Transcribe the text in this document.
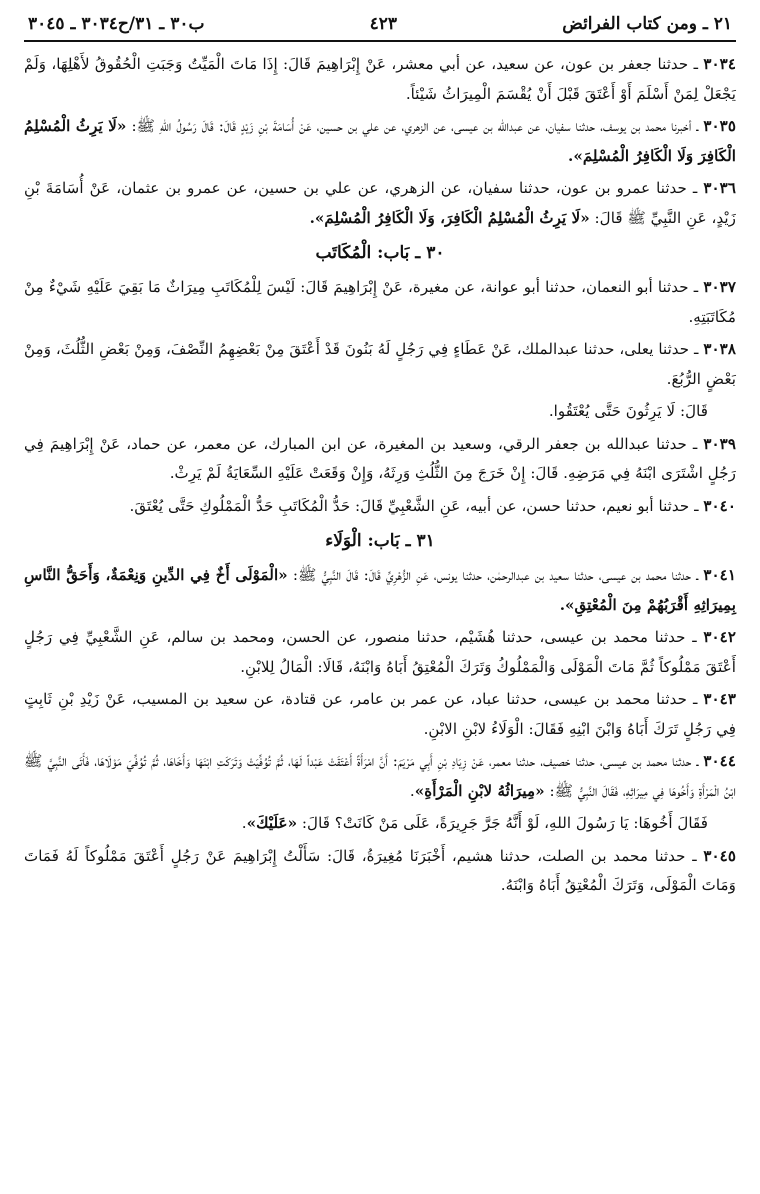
٢١ ـ ومن كتاب الفرائض
٤٢٣
ب٣٠ ـ ٣١/ح٣٠٣٤ ـ ٣٠٤٥

٣٠٣٤ ـ حدثنا جعفر بن عون، عن سعيد، عن أبي معشر، عَنْ إِبْرَاهِيمَ قَالَ: إِذَا مَاتَ الْمَيِّتُ وَجَبَتِ الْحُقُوقُ لأَهْلِهَا، وَلَمْ يَجْعَلْ لِمَنْ أَسْلَمَ أَوْ أَعْتَقَ قَبْلَ أَنْ يُقْسَمَ الْمِيرَاثُ شَيْئاً.

٣٠٣٥ ـ أخبرنا محمد بن يوسف، حدثنا سفيان، عن عبدالله بن عيسى، عن الزهري، عن علي بن حسين، عَنْ أُسَامَةَ بْنِ زَيْدٍ قَالَ: قَالَ رَسُولُ اللهِ ﷺ: «لَا يَرِثُ الْمُسْلِمُ الْكَافِرَ وَلَا الْكَافِرُ الْمُسْلِمَ».

٣٠٣٦ ـ حدثنا عمرو بن عون، حدثنا سفيان، عن الزهري، عن علي بن حسين، عن عمرو بن عثمان، عَنْ أُسَامَةَ بْنِ زَيْدٍ، عَنِ النَّبِيِّ ﷺ قَالَ: «لَا يَرِثُ الْمُسْلِمُ الْكَافِرَ، وَلَا الْكَافِرُ الْمُسْلِمَ».

٣٠ ـ بَاب: الْمُكَاتَب

٣٠٣٧ ـ حدثنا أبو النعمان، حدثنا أبو عوانة، عن مغيرة، عَنْ إِبْرَاهِيمَ قَالَ: لَيْسَ لِلْمُكَاتَبِ مِيرَاثٌ مَا بَقِيَ عَلَيْهِ شَيْءٌ مِنْ مُكَاتَبَتِهِ.

٣٠٣٨ ـ حدثنا يعلى، حدثنا عبدالملك، عَنْ عَطَاءٍ فِي رَجُلٍ لَهُ بَنُونَ قَدْ أَعْتَقَ مِنْ بَعْضِهِمُ النِّصْفَ، وَمِنْ بَعْضِ الثُّلُثَ، وَمِنْ بَعْضٍ الرُّبُعَ.

قَالَ: لَا يَرِثُونَ حَتَّى يُعْتَقُوا.

٣٠٣٩ ـ حدثنا عبدالله بن جعفر الرقي، وسعيد بن المغيرة، عن ابن المبارك، عن معمر، عن حماد، عَنْ إِبْرَاهِيمَ فِي رَجُلٍ اشْتَرَى ابْنَهُ فِي مَرَضِهِ. قَالَ: إِنْ خَرَجَ مِنَ الثُّلُثِ وَرِثَهُ، وَإِنْ وَقَعَتْ عَلَيْهِ السِّعَايَةُ لَمْ يَرِثْ.

٣٠٤٠ ـ حدثنا أبو نعيم، حدثنا حسن، عن أبيه، عَنِ الشَّعْبِيِّ قَالَ: حَدُّ الْمُكَاتَبِ حَدُّ الْمَمْلُوكِ حَتَّى يُعْتَقَ.

٣١ ـ بَاب: الْوَلَاء

٣٠٤١ ـ حدثنا محمد بن عيسى، حدثنا سعيد بن عبدالرحمٰن، حدثنا يونس، عَنِ الزُّهْرِيِّ قَالَ: قَالَ النَّبِيُّ ﷺ: «الْمَوْلَى أَخٌ فِي الدِّينِ وَنِعْمَةٌ، وَأَحَقُّ النَّاسِ بِمِيرَاثِهِ أَقْرَبُهُمْ مِنَ الْمُعْتِقِ».

٣٠٤٢ ـ حدثنا محمد بن عيسى، حدثنا هُشَيْم، حدثنا منصور، عن الحسن، ومحمد بن سالم، عَنِ الشَّعْبِيِّ فِي رَجُلٍ أَعْتَقَ مَمْلُوكاً ثُمَّ مَاتَ الْمَوْلَى وَالْمَمْلُوكُ وَتَرَكَ الْمُعْتِقُ أَبَاهُ وَابْنَهُ، قَالَا: الْمَالُ لِلابْنِ.

٣٠٤٣ ـ حدثنا محمد بن عيسى، حدثنا عباد، عن عمر بن عامر، عن قتادة، عن سعيد بن المسيب، عَنْ زَيْدِ بْنِ ثَابِتٍ فِي رَجُلٍ تَرَكَ أَبَاهُ وَابْنَ ابْنِهِ فَقَالَ: الْوَلَاءُ لابْنِ الابْنِ.

٣٠٤٤ ـ حدثنا محمد بن عيسى، حدثنا خصيف، حدثنا معمر، عَنْ زِيَادِ بْنِ أَبِي مَرْيَمَ: أَنَّ امْرَأَةً أَعْتَقَتْ عَبْداً لَهَا، ثُمَّ تُوُفِّيَتْ وَتَرَكَتِ ابْنَهَا وَأَخَاهَا، ثُمَّ تُوُفِّيَ مَوْلَاهَا، فَأَتَى النَّبِيَّ ﷺ ابْنُ الْمَرْأَةِ وَأَخُوهَا فِي مِيرَاثِهِ، فَقَالَ النَّبِيُّ ﷺ: «مِيرَاثُهُ لابْنِ الْمَرْأَةِ».

فَقَالَ أَخُوهَا: يَا رَسُولَ اللهِ، لَوْ أَنَّهُ جَرَّ جَرِيرَةً، عَلَى مَنْ كَانَتْ؟ قَالَ: «عَلَيْكَ».

٣٠٤٥ ـ حدثنا محمد بن الصلت، حدثنا هشيم، أَخْبَرَنَا مُغِيرَةُ، قَالَ: سَأَلْتُ إِبْرَاهِيمَ عَنْ رَجُلٍ أَعْتَقَ مَمْلُوكاً لَهُ فَمَاتَ وَمَاتَ الْمَوْلَى، وَتَرَكَ الْمُعْتِقُ أَبَاهُ وَابْنَهُ.
